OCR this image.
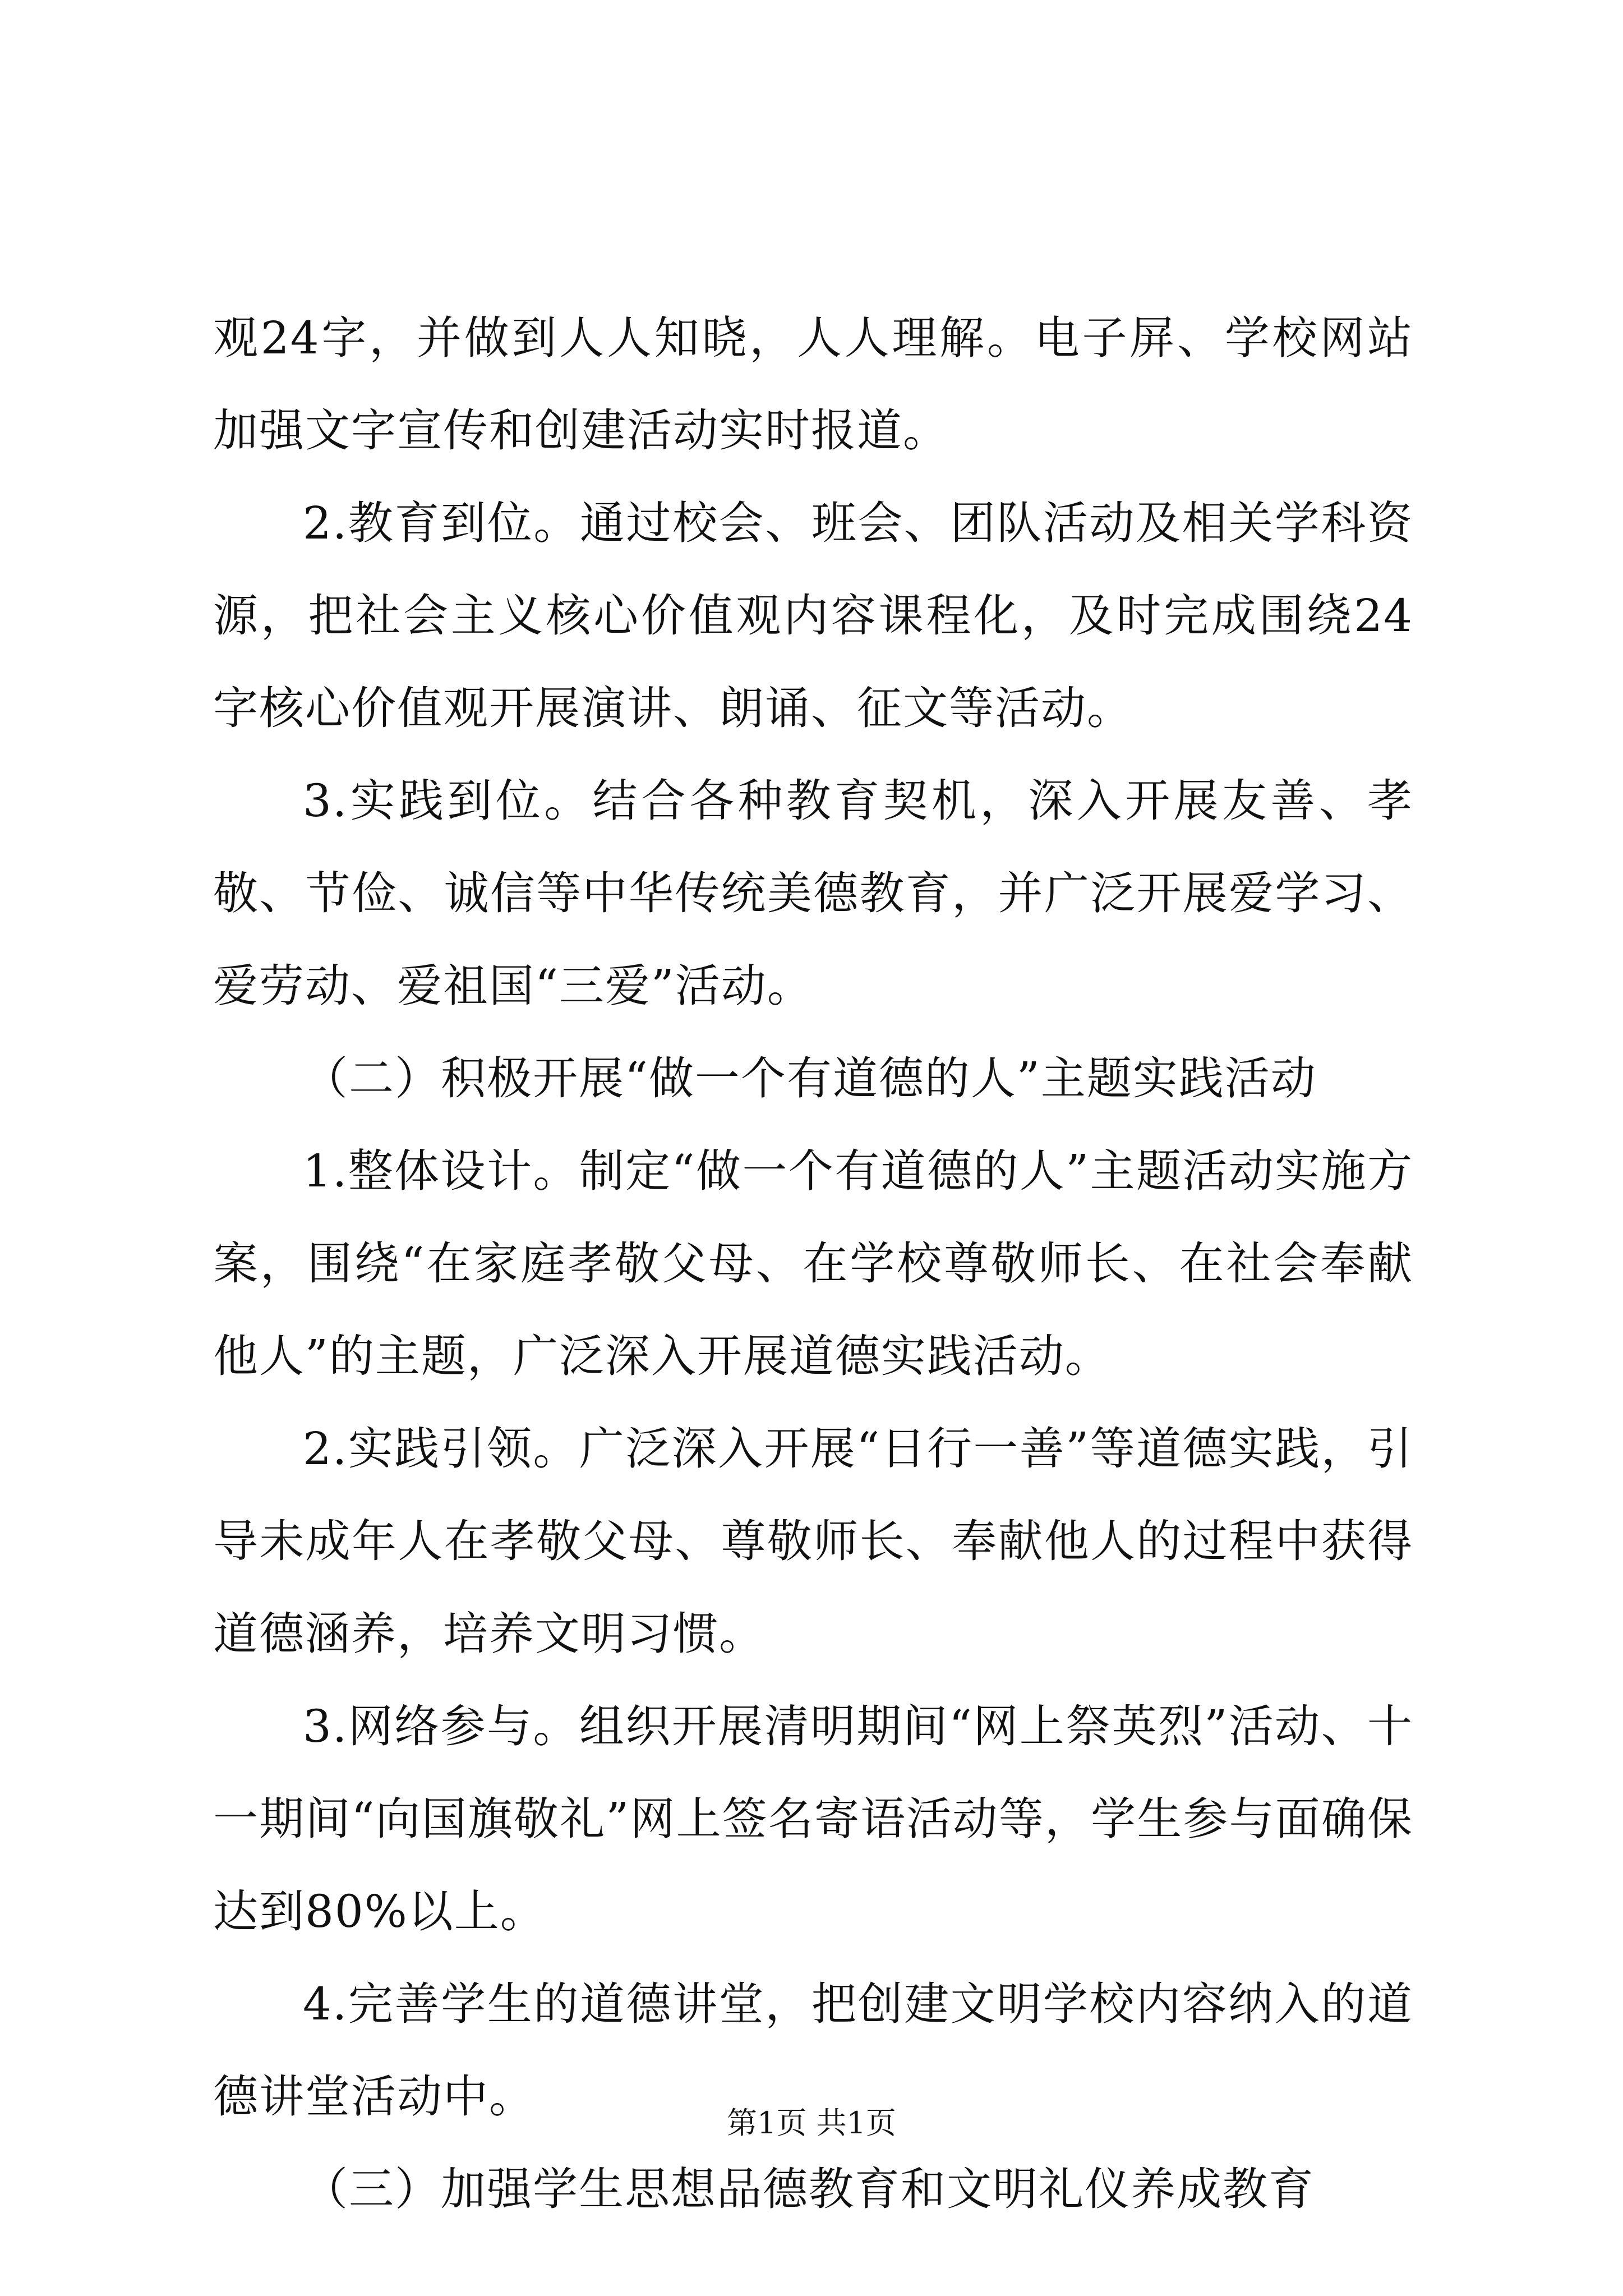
观24字，并做到人人知晓，人人理解。电子屏、学校网站加强文字宣传和创建活动实时报道。

2.教育到位。通过校会、班会、团队活动及相关学科资源，把社会主义核心价值观内容课程化，及时完成围绕24字核心价值观开展演讲、朗诵、征文等活动。

3.实践到位。结合各种教育契机，深入开展友善、孝敬、节俭、诚信等中华传统美德教育，并广泛开展爱学习、爱劳动、爱祖国“三爱”活动。

（二）积极开展“做一个有道德的人”主题实践活动

1.整体设计。制定“做一个有道德的人”主题活动实施方案，围绕“在家庭孝敬父母、在学校尊敬师长、在社会奉献他人”的主题，广泛深入开展道德实践活动。

2.实践引领。广泛深入开展“日行一善”等道德实践，引导未成年人在孝敬父母、尊敬师长、奉献他人的过程中获得道德涵养，培养文明习惯。

3.网络参与。组织开展清明期间“网上祭英烈”活动、十一期间“向国旗敬礼”网上签名寄语活动等，学生参与面确保达到80%以上。

4.完善学生的道德讲堂，把创建文明学校内容纳入的道德讲堂活动中。

（三）加强学生思想品德教育和文明礼仪养成教育

第1页 共1页
